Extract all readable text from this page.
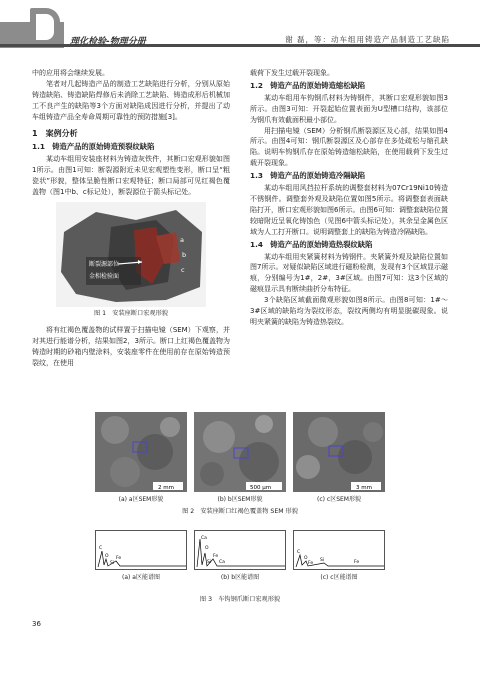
理化检验-物理分册	谢 磊，等：动车组用铸造产品制造工艺缺陷

中的应用将会继续发展。

笔者对几起铸造产品的制造工艺缺陷进行分析，分别从原始铸造缺陷、铸造缺陷焊修后未消除工艺缺陷、铸造成形后机械加工不良产生的缺陷等3个方面对缺陷成因进行分析，并提出了动车组铸造产品全寿命周期可靠性的预防措施[3]。

1　案例分析
1.1　铸造产品的原始铸造预裂纹缺陷

某动车组用安装座材料为铸造灰铁件，其断口宏观形貌如图1所示。由图1可知：断裂源附近未见宏观塑性变形，断口呈“粗瓷状”形貌，整体呈脆性断口宏观特征；断口局部可见红褐色覆盖物（图1中b、c标记处），断裂源位于箭头标记处。

断裂源部位
金相检验面
a
b
c
图 1　安装座断口宏观形貌

将有红褐色覆盖物的试样置于扫描电镜（SEM）下观察，并对其进行能谱分析，结果如图2，3所示。断口上红褐色覆盖物为铸造时期的砂箱内壁涂料，安装座零件在使用前存在原始铸造预裂纹，在使用

载荷下发生过载开裂现象。

1.2　铸造产品的原始铸造缩松缺陷

某动车组用车钩钢爪材料为铸钢件，其断口宏观形貌如图3所示。由图3可知：开裂起始位置表面为U型槽口结构，该部位为钢爪有效截面积最小部位。

用扫描电镜（SEM）分析钢爪断裂源区及心部，结果如图4所示。由图4可知：钢爪断裂源区及心部存在多处疏松与缩孔缺陷。说明车钩钢爪存在原始铸造缩松缺陷，在使用载荷下发生过载开裂现象。

1.3　铸造产品的原始铸造冷隔缺陷

某动车组用风挡拉杆系统的调整套材料为07Cr19Ni10铸造不锈钢件。调整套外观及缺陷位置如图5所示。将调整套表面缺陷打开，断口宏观形貌如图6所示。由图6可知：调整套缺陷位置较暗附近呈氧化铸蚀色（见图6中箭头标记处），其余呈金属色区域为人工打开断口。说明调整套上的缺陷为铸造冷隔缺陷。

1.4　铸造产品的原始铸造热裂纹缺陷

某动车组用夹紧簧材料为铸钢件。夹紧簧外观及缺陷位置如图7所示。对疑似缺陷区域进行磁粉检测，发现有3个区域显示磁痕，分别编号为1#，2#，3#区域。由图7可知：这3个区域的磁痕显示具有断续曲折分布特征。

3个缺陷区域截面微观形貌如图8所示。由图8可知：1#～3#区域的缺陷均为裂纹形态，裂纹两侧均有明显脱碳现象。说明夹紧簧的缺陷为铸造热裂纹。

2 mm
(a) a区SEM形貌
500 μm
(b) b区SEM形貌
3 mm
(c) c区SEM形貌
图 2　安装座断口红褐色覆盖物 SEM 形貌
C
O Fe
Si
(a) a区能谱图
Ca
O
Fe
Si Ca
(b) b区能谱图
C
O
Fe
Si	Fe
(c) c区能谱图
图 3　车钩钢爪断口宏观形貌
36
